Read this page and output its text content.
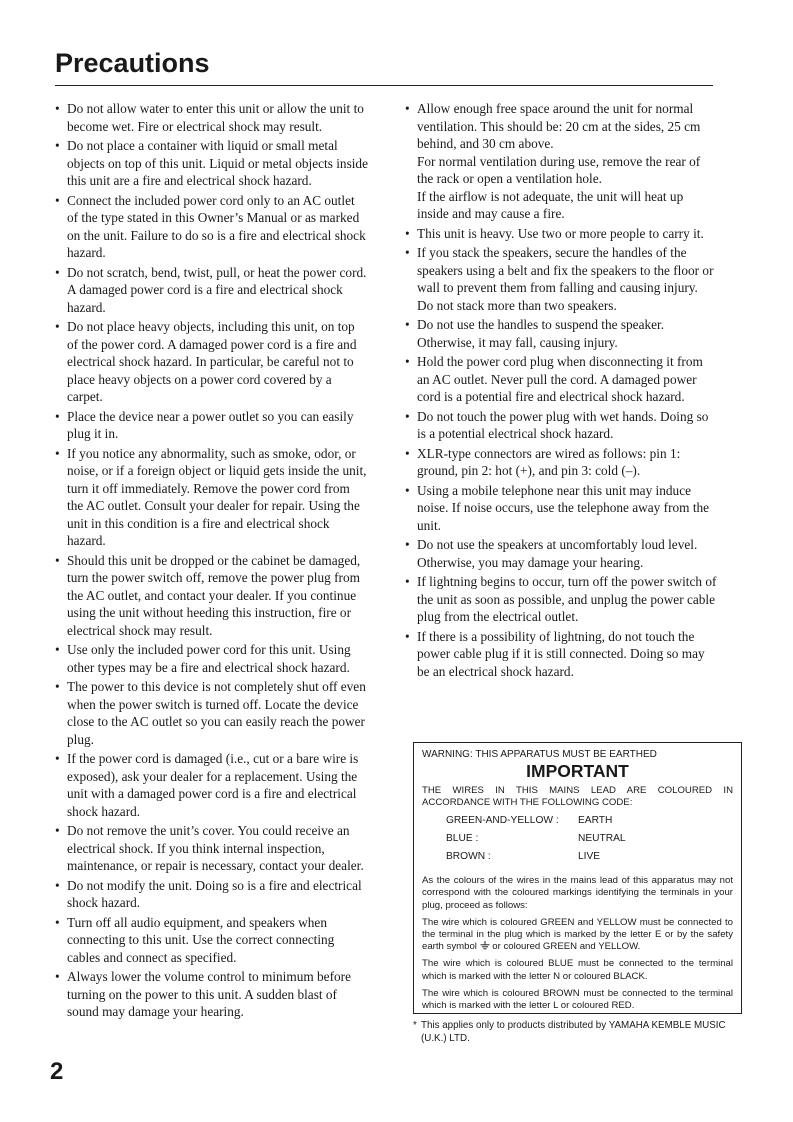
Precautions
• Do not allow water to enter this unit or allow the unit to become wet. Fire or electrical shock may result.
• Do not place a container with liquid or small metal objects on top of this unit. Liquid or metal objects inside this unit are a fire and electrical shock hazard.
• Connect the included power cord only to an AC outlet of the type stated in this Owner’s Manual or as marked on the unit. Failure to do so is a fire and electrical shock hazard.
• Do not scratch, bend, twist, pull, or heat the power cord. A damaged power cord is a fire and electrical shock hazard.
• Do not place heavy objects, including this unit, on top of the power cord. A damaged power cord is a fire and electrical shock hazard. In particular, be careful not to place heavy objects on a power cord covered by a carpet.
• Place the device near a power outlet so you can easily plug it in.
• If you notice any abnormality, such as smoke, odor, or noise, or if a foreign object or liquid gets inside the unit, turn it off immediately. Remove the power cord from the AC outlet. Consult your dealer for repair. Using the unit in this condition is a fire and electrical shock hazard.
• Should this unit be dropped or the cabinet be damaged, turn the power switch off, remove the power plug from the AC outlet, and contact your dealer. If you continue using the unit without heeding this instruction, fire or electrical shock may result.
• Use only the included power cord for this unit. Using other types may be a fire and electrical shock hazard.
• The power to this device is not completely shut off even when the power switch is turned off. Locate the device close to the AC outlet so you can easily reach the power plug.
• If the power cord is damaged (i.e., cut or a bare wire is exposed), ask your dealer for a replacement. Using the unit with a damaged power cord is a fire and electrical shock hazard.
• Do not remove the unit’s cover. You could receive an electrical shock. If you think internal inspection, maintenance, or repair is necessary, contact your dealer.
• Do not modify the unit. Doing so is a fire and electrical shock hazard.
• Turn off all audio equipment, and speakers when connecting to this unit. Use the correct connecting cables and connect as specified.
• Always lower the volume control to minimum before turning on the power to this unit. A sudden blast of sound may damage your hearing.
• Allow enough free space around the unit for normal ventilation. This should be: 20 cm at the sides, 25 cm behind, and 30 cm above.
For normal ventilation during use, remove the rear of the rack or open a ventilation hole.
If the airflow is not adequate, the unit will heat up inside and may cause a fire.
• This unit is heavy. Use two or more people to carry it.
• If you stack the speakers, secure the handles of the speakers using a belt and fix the speakers to the floor or wall to prevent them from falling and causing injury. Do not stack more than two speakers.
• Do not use the handles to suspend the speaker. Otherwise, it may fall, causing injury.
• Hold the power cord plug when disconnecting it from an AC outlet. Never pull the cord. A damaged power cord is a potential fire and electrical shock hazard.
• Do not touch the power plug with wet hands. Doing so is a potential electrical shock hazard.
• XLR-type connectors are wired as follows: pin 1: ground, pin 2: hot (+), and pin 3: cold (–).
• Using a mobile telephone near this unit may induce noise. If noise occurs, use the telephone away from the unit.
• Do not use the speakers at uncomfortably loud level. Otherwise, you may damage your hearing.
• If lightning begins to occur, turn off the power switch of the unit as soon as possible, and unplug the power cable plug from the electrical outlet.
• If there is a possibility of lightning, do not touch the power cable plug if it is still connected. Doing so may be an electrical shock hazard.
WARNING: THIS APPARATUS MUST BE EARTHED
IMPORTANT
THE WIRES IN THIS MAINS LEAD ARE COLOURED IN ACCORDANCE WITH THE FOLLOWING CODE:
GREEN-AND-YELLOW :	EARTH
BLUE :	NEUTRAL
BROWN :	LIVE
As the colours of the wires in the mains lead of this apparatus may not correspond with the coloured markings identifying the terminals in your plug, proceed as follows:
The wire which is coloured GREEN and YELLOW must be connected to the terminal in the plug which is marked by the letter E or by the safety earth symbol or coloured GREEN and YELLOW.
The wire which is coloured BLUE must be connected to the terminal which is marked with the letter N or coloured BLACK.
The wire which is coloured BROWN must be connected to the terminal which is marked with the letter L or coloured RED.
* This applies only to products distributed by YAMAHA KEMBLE MUSIC (U.K.) LTD.
2
